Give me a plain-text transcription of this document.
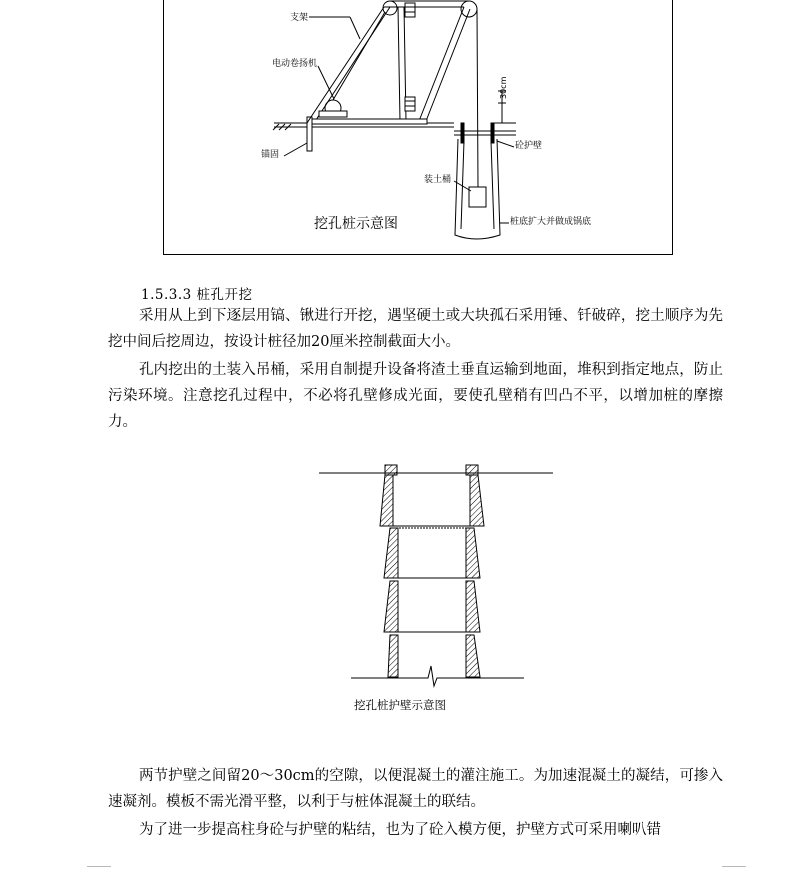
支架
电动卷扬机
锚固
装土桶
砼护壁
30cm
桩底扩大并做成锅底
挖孔桩示意图
1.5.3.3 桩孔开挖

采用从上到下逐层用镐、锹进行开挖，遇坚硬土或大块孤石采用锤、钎破碎，挖土顺序为先挖中间后挖周边，按设计桩径加20厘米控制截面大小。

孔内挖出的土装入吊桶，采用自制提升设备将渣土垂直运输到地面，堆积到指定地点，防止污染环境。注意挖孔过程中，不必将孔壁修成光面，要使孔壁稍有凹凸不平，以增加桩的摩擦力。

挖孔桩护壁示意图

两节护壁之间留20～30cm的空隙，以便混凝土的灌注施工。为加速混凝土的凝结，可掺入速凝剂。模板不需光滑平整，以利于与桩体混凝土的联结。

为了进一步提高柱身砼与护壁的粘结，也为了砼入模方便，护壁方式可采用喇叭错
